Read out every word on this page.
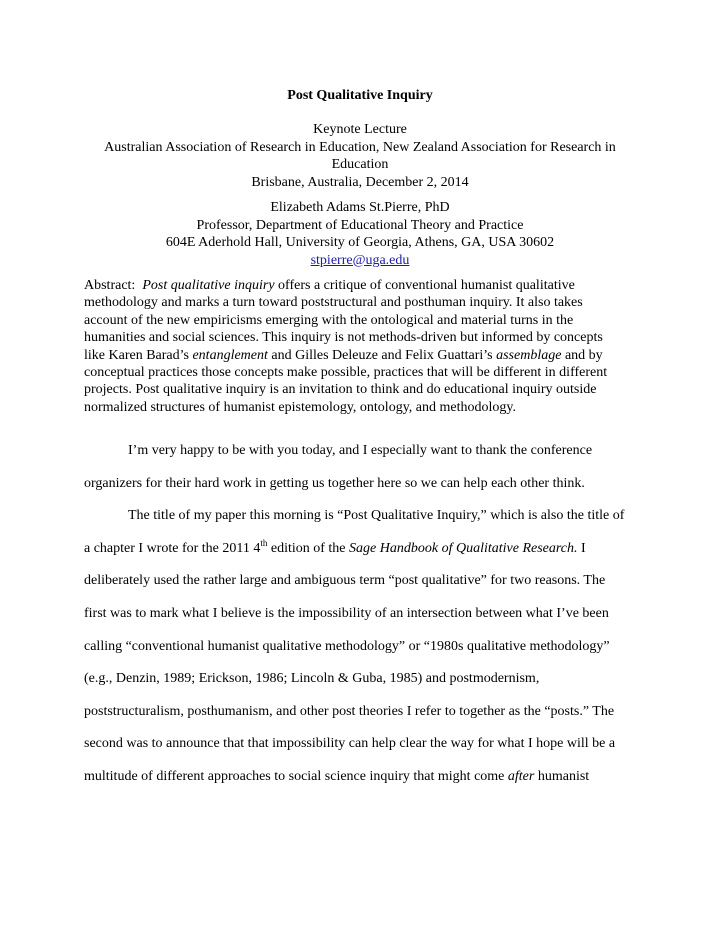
Post Qualitative Inquiry
Keynote Lecture
Australian Association of Research in Education, New Zealand Association for Research in
Education
Brisbane, Australia, December 2, 2014
Elizabeth Adams St.Pierre, PhD
Professor, Department of Educational Theory and Practice
604E Aderhold Hall, University of Georgia, Athens, GA, USA 30602
stpierre@uga.edu
Abstract: Post qualitative inquiry offers a critique of conventional humanist qualitative
methodology and marks a turn toward poststructural and posthuman inquiry. It also takes
account of the new empiricisms emerging with the ontological and material turns in the
humanities and social sciences. This inquiry is not methods-driven but informed by concepts
like Karen Barad’s entanglement and Gilles Deleuze and Felix Guattari’s assemblage and by
conceptual practices those concepts make possible, practices that will be different in different
projects. Post qualitative inquiry is an invitation to think and do educational inquiry outside
normalized structures of humanist epistemology, ontology, and methodology.
I’m very happy to be with you today, and I especially want to thank the conference
organizers for their hard work in getting us together here so we can help each other think.
The title of my paper this morning is “Post Qualitative Inquiry,” which is also the title of
a chapter I wrote for the 2011 4th edition of the Sage Handbook of Qualitative Research. I
deliberately used the rather large and ambiguous term “post qualitative” for two reasons. The
first was to mark what I believe is the impossibility of an intersection between what I’ve been
calling “conventional humanist qualitative methodology” or “1980s qualitative methodology”
(e.g., Denzin, 1989; Erickson, 1986; Lincoln & Guba, 1985) and postmodernism,
poststructuralism, posthumanism, and other post theories I refer to together as the “posts.” The
second was to announce that that impossibility can help clear the way for what I hope will be a
multitude of different approaches to social science inquiry that might come after humanist
